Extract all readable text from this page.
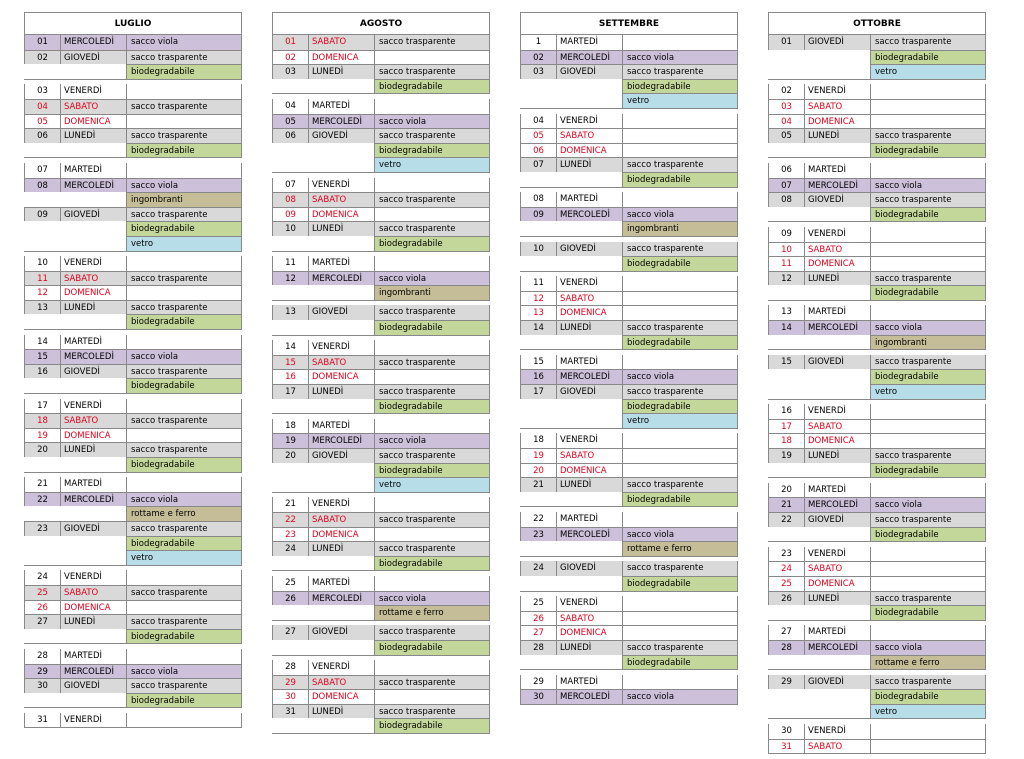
LUGLIO
01	MERCOLEDÌ	sacco viola
02	GIOVEDÌ	sacco trasparente
biodegradabile
03	VENERDÌ
04	SABATO	sacco trasparente
05	DOMENICA
06	LUNEDÌ	sacco trasparente
biodegradabile
07	MARTEDÌ
08	MERCOLEDÌ	sacco viola
ingombranti
09	GIOVEDÌ	sacco trasparente
biodegradabile
vetro
10	VENERDÌ
11	SABATO	sacco trasparente
12	DOMENICA
13	LUNEDÌ	sacco trasparente
biodegradabile
14	MARTEDÌ
15	MERCOLEDÌ	sacco viola
16	GIOVEDÌ	sacco trasparente
biodegradabile
17	VENERDÌ
18	SABATO	sacco trasparente
19	DOMENICA
20	LUNEDÌ	sacco trasparente
biodegradabile
21	MARTEDÌ
22	MERCOLEDÌ	sacco viola
rottame e ferro
23	GIOVEDÌ	sacco trasparente
biodegradabile
vetro
24	VENERDÌ
25	SABATO	sacco trasparente
26	DOMENICA
27	LUNEDÌ	sacco trasparente
biodegradabile
28	MARTEDÌ
29	MERCOLEDÌ	sacco viola
30	GIOVEDÌ	sacco trasparente
biodegradabile
31	VENERDÌ
AGOSTO
01	SABATO	sacco trasparente
02	DOMENICA
03	LUNEDÌ	sacco trasparente
biodegradabile
04	MARTEDÌ
05	MERCOLEDÌ	sacco viola
06	GIOVEDÌ	sacco trasparente
biodegradabile
vetro
07	VENERDÌ
08	SABATO	sacco trasparente
09	DOMENICA
10	LUNEDÌ	sacco trasparente
biodegradabile
11	MARTEDÌ
12	MERCOLEDÌ	sacco viola
ingombranti
13	GIOVEDÌ	sacco trasparente
biodegradabile
14	VENERDÌ
15	SABATO	sacco trasparente
16	DOMENICA
17	LUNEDÌ	sacco trasparente
biodegradabile
18	MARTEDÌ
19	MERCOLEDÌ	sacco viola
20	GIOVEDÌ	sacco trasparente
biodegradabile
vetro
21	VENERDÌ
22	SABATO	sacco trasparente
23	DOMENICA
24	LUNEDÌ	sacco trasparente
biodegradabile
25	MARTEDÌ
26	MERCOLEDÌ	sacco viola
rottame e ferro
27	GIOVEDÌ	sacco trasparente
biodegradabile
28	VENERDÌ
29	SABATO	sacco trasparente
30	DOMENICA
31	LUNEDÌ	sacco trasparente
biodegradabile
SETTEMBRE
1	MARTEDÌ
02	MERCOLEDÌ	sacco viola
03	GIOVEDÌ	sacco trasparente
biodegradabile
vetro
04	VENERDÌ
05	SABATO
06	DOMENICA
07	LUNEDÌ	sacco trasparente
biodegradabile
08	MARTEDÌ
09	MERCOLEDÌ	sacco viola
ingombranti
10	GIOVEDÌ	sacco trasparente
biodegradabile
11	VENERDÌ
12	SABATO
13	DOMENICA
14	LUNEDÌ	sacco trasparente
biodegradabile
15	MARTEDÌ
16	MERCOLEDÌ	sacco viola
17	GIOVEDÌ	sacco trasparente
biodegradabile
vetro
18	VENERDÌ
19	SABATO
20	DOMENICA
21	LUNEDÌ	sacco trasparente
biodegradabile
22	MARTEDÌ
23	MERCOLEDÌ	sacco viola
rottame e ferro
24	GIOVEDÌ	sacco trasparente
biodegradabile
25	VENERDÌ
26	SABATO
27	DOMENICA
28	LUNEDÌ	sacco trasparente
biodegradabile
29	MARTEDÌ
30	MERCOLEDÌ	sacco viola
OTTOBRE
01	GIOVEDÌ	sacco trasparente
biodegradabile
vetro
02	VENERDÌ
03	SABATO
04	DOMENICA
05	LUNEDÌ	sacco trasparente
biodegradabile
06	MARTEDÌ
07	MERCOLEDÌ	sacco viola
08	GIOVEDÌ	sacco trasparente
biodegradabile
09	VENERDÌ
10	SABATO
11	DOMENICA
12	LUNEDÌ	sacco trasparente
biodegradabile
13	MARTEDÌ
14	MERCOLEDÌ	sacco viola
ingombranti
15	GIOVEDÌ	sacco trasparente
biodegradabile
vetro
16	VENERDÌ
17	SABATO
18	DOMENICA
19	LUNEDÌ	sacco trasparente
biodegradabile
20	MARTEDÌ
21	MERCOLEDÌ	sacco viola
22	GIOVEDÌ	sacco trasparente
biodegradabile
23	VENERDÌ
24	SABATO
25	DOMENICA
26	LUNEDÌ	sacco trasparente
biodegradabile
27	MARTEDÌ
28	MERCOLEDÌ	sacco viola
rottame e ferro
29	GIOVEDÌ	sacco trasparente
biodegradabile
vetro
30	VENERDÌ
31	SABATO
